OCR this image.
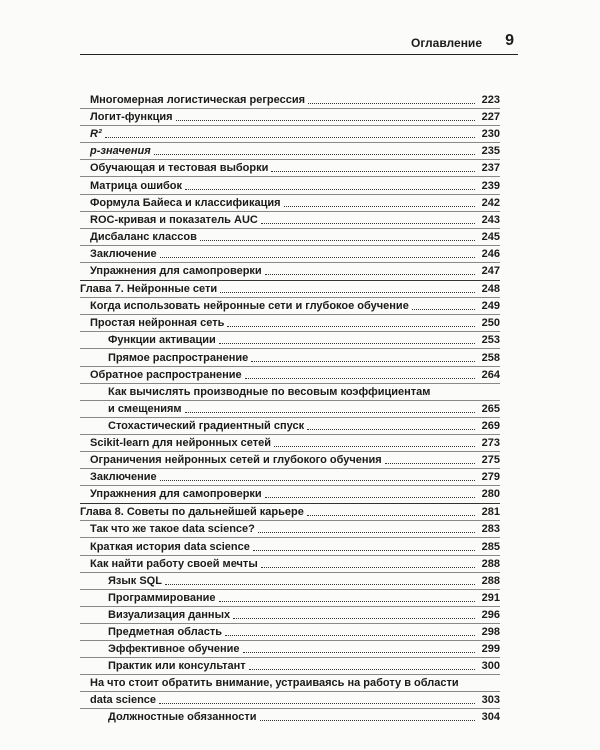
Оглавление 9
Многомерная логистическая регрессия	223
Логит-функция	227
R²	230
p-значения	235
Обучающая и тестовая выборки	237
Матрица ошибок	239
Формула Байеса и классификация	242
ROC-кривая и показатель AUC	243
Дисбаланс классов	245
Заключение	246
Упражнения для самопроверки	247
Глава 7. Нейронные сети	248
Когда использовать нейронные сети и глубокое обучение	249
Простая нейронная сеть	250
Функции активации	253
Прямое распространение	258
Обратное распространение	264
Как вычислять производные по весовым коэффициентам
и смещениям	265
Стохастический градиентный спуск	269
Scikit-learn для нейронных сетей	273
Ограничения нейронных сетей и глубокого обучения	275
Заключение	279
Упражнения для самопроверки	280
Глава 8. Советы по дальнейшей карьере	281
Так что же такое data science?	283
Краткая история data science	285
Как найти работу своей мечты	288
Язык SQL	288
Программирование	291
Визуализация данных	296
Предметная область	298
Эффективное обучение	299
Практик или консультант	300
На что стоит обратить внимание, устраиваясь на работу в области
data science	303
Должностные обязанности	304
